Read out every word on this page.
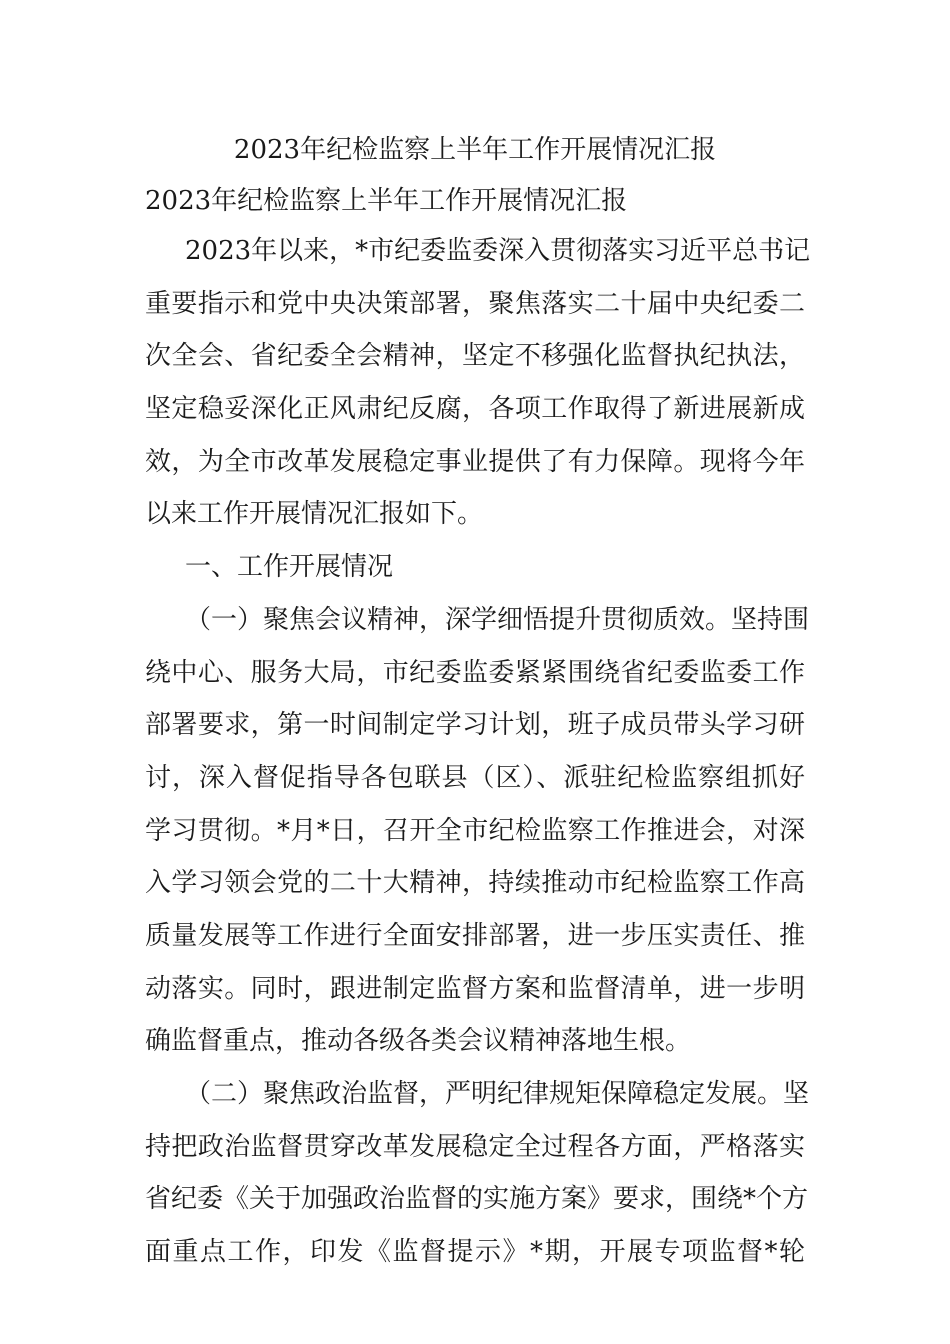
2023年纪检监察上半年工作开展情况汇报
2023年纪检监察上半年工作开展情况汇报
2023年以来，*市纪委监委深入贯彻落实习近平总书记
重要指示和党中央决策部署，聚焦落实二十届中央纪委二
次全会、省纪委全会精神，坚定不移强化监督执纪执法，
坚定稳妥深化正风肃纪反腐，各项工作取得了新进展新成
效，为全市改革发展稳定事业提供了有力保障。现将今年
以来工作开展情况汇报如下。
一、工作开展情况
（一）聚焦会议精神，深学细悟提升贯彻质效。坚持围
绕中心、服务大局，市纪委监委紧紧围绕省纪委监委工作
部署要求，第一时间制定学习计划，班子成员带头学习研
讨，深入督促指导各包联县（区）、派驻纪检监察组抓好
学习贯彻。*月*日，召开全市纪检监察工作推进会，对深
入学习领会党的二十大精神，持续推动市纪检监察工作高
质量发展等工作进行全面安排部署，进一步压实责任、推
动落实。同时，跟进制定监督方案和监督清单，进一步明
确监督重点，推动各级各类会议精神落地生根。
（二）聚焦政治监督，严明纪律规矩保障稳定发展。坚
持把政治监督贯穿改革发展稳定全过程各方面，严格落实
省纪委《关于加强政治监督的实施方案》要求，围绕*个方
面重点工作，印发《监督提示》*期，开展专项监督*轮
